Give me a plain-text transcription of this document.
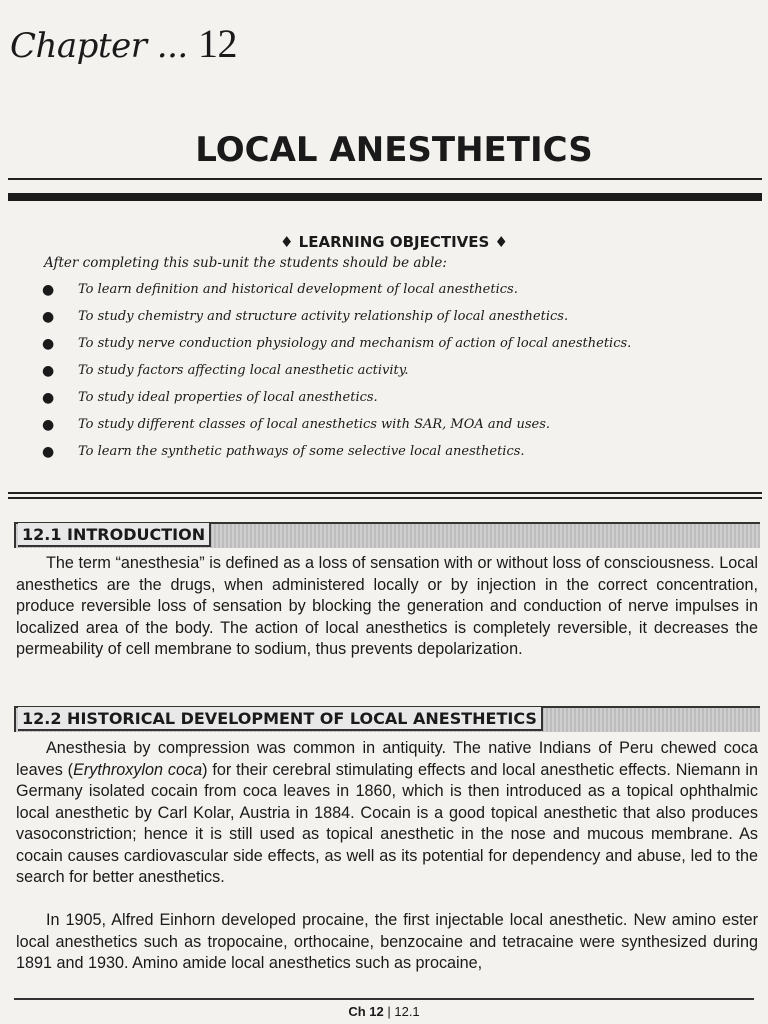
Chapter ... 12
LOCAL ANESTHETICS
♦ LEARNING OBJECTIVES ♦
After completing this sub-unit the students should be able:
● To learn definition and historical development of local anesthetics.
● To study chemistry and structure activity relationship of local anesthetics.
● To study nerve conduction physiology and mechanism of action of local anesthetics.
● To study factors affecting local anesthetic activity.
● To study ideal properties of local anesthetics.
● To study different classes of local anesthetics with SAR, MOA and uses.
● To learn the synthetic pathways of some selective local anesthetics.
12.1 INTRODUCTION

The term “anesthesia” is defined as a loss of sensation with or without loss of consciousness. Local anesthetics are the drugs, when administered locally or by injection in the correct concentration, produce reversible loss of sensation by blocking the generation and conduction of nerve impulses in localized area of the body. The action of local anesthetics is completely reversible, it decreases the permeability of cell membrane to sodium, thus prevents depolarization.

12.2 HISTORICAL DEVELOPMENT OF LOCAL ANESTHETICS

Anesthesia by compression was common in antiquity. The native Indians of Peru chewed coca leaves (Erythroxylon coca) for their cerebral stimulating effects and local anesthetic effects. Niemann in Germany isolated cocain from coca leaves in 1860, which is then introduced as a topical ophthalmic local anesthetic by Carl Kolar, Austria in 1884. Cocain is a good topical anesthetic that also produces vasoconstriction; hence it is still used as topical anesthetic in the nose and mucous membrane. As cocain causes cardiovascular side effects, as well as its potential for dependency and abuse, led to the search for better anesthetics.

In 1905, Alfred Einhorn developed procaine, the first injectable local anesthetic. New amino ester local anesthetics such as tropocaine, orthocaine, benzocaine and tetracaine were synthesized during 1891 and 1930. Amino amide local anesthetics such as procaine,

Ch 12 | 12.1
